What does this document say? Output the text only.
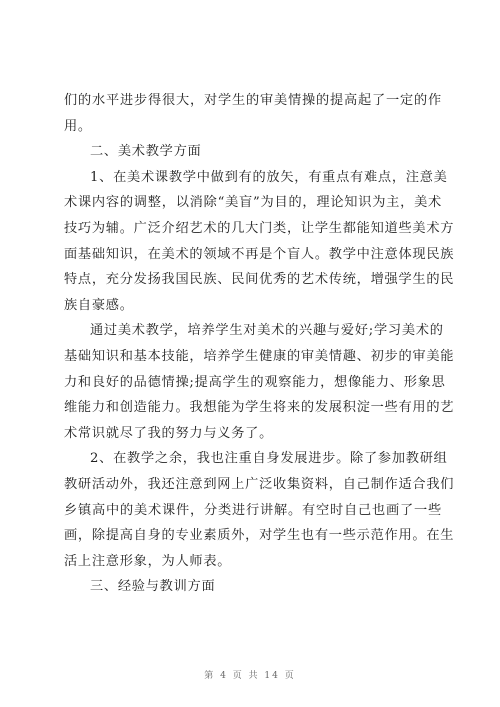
们的水平进步得很大，对学生的审美情操的提高起了一定的作

用。

二、美术教学方面

1、在美术课教学中做到有的放矢，有重点有难点，注意美

术课内容的调整，以消除“美盲”为目的，理论知识为主，美术

技巧为辅。广泛介绍艺术的几大门类，让学生都能知道些美术方

面基础知识，在美术的领域不再是个盲人。教学中注意体现民族

特点，充分发扬我国民族、民间优秀的艺术传统，增强学生的民

族自豪感。

通过美术教学，培养学生对美术的兴趣与爱好;学习美术的

基础知识和基本技能，培养学生健康的审美情趣、初步的审美能

力和良好的品德情操;提高学生的观察能力，想像能力、形象思

维能力和创造能力。我想能为学生将来的发展积淀一些有用的艺

术常识就尽了我的努力与义务了。

2、在教学之余，我也注重自身发展进步。除了参加教研组

教研活动外，我还注意到网上广泛收集资料，自己制作适合我们

乡镇高中的美术课件，分类进行讲解。有空时自己也画了一些

画，除提高自身的专业素质外，对学生也有一些示范作用。在生

活上注意形象，为人师表。

三、经验与教训方面

第 4 页 共 14 页
